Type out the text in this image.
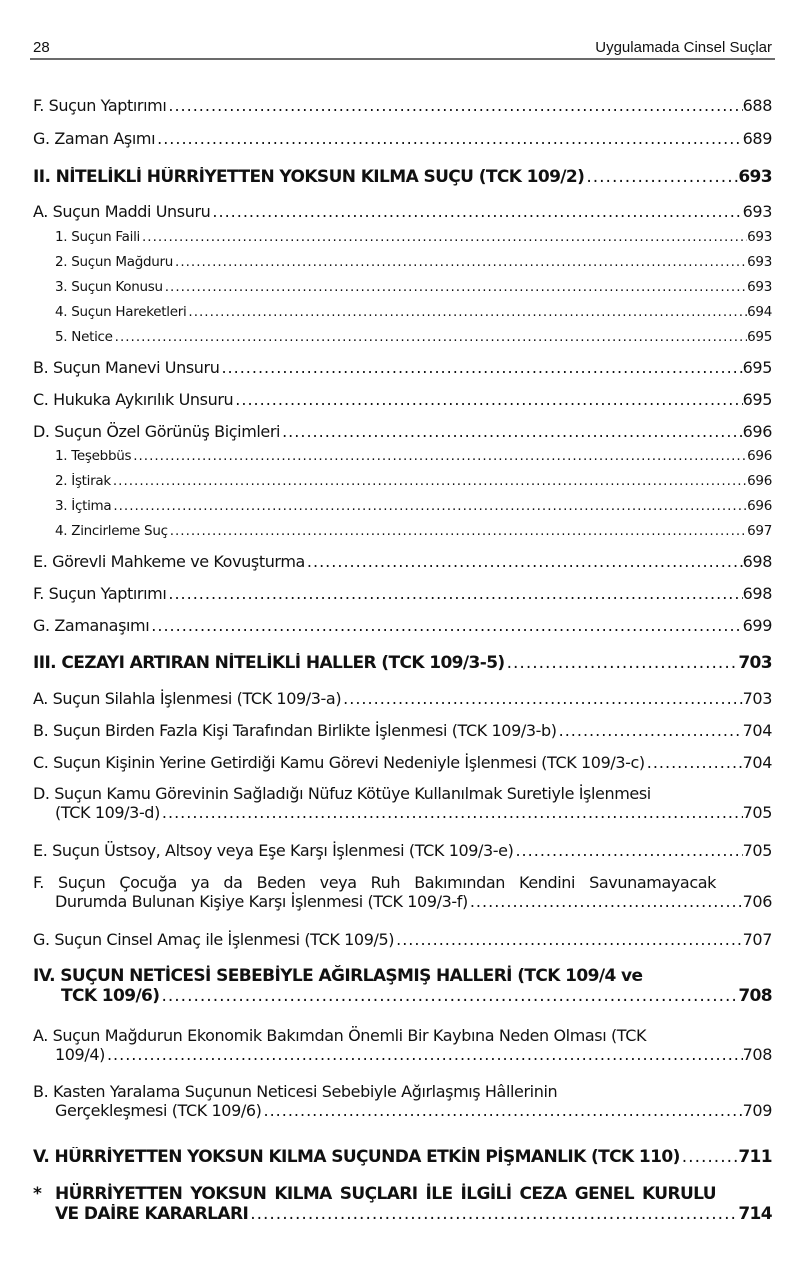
28	Uygulamada Cinsel Suçlar
F. Suçun Yaptırımı .....	688
G. Zaman Aşımı .....	689
II. NİTELİKLİ HÜRRİYETTEN YOKSUN KILMA SUÇU (TCK 109/2) .....	693
A. Suçun Maddi Unsuru .....	693
1. Suçun Faili .....	693
2. Suçun Mağduru .....	693
3. Suçun Konusu .....	693
4. Suçun Hareketleri .....	694
5. Netice .....	695
B. Suçun Manevi Unsuru .....	695
C. Hukuka Aykırılık Unsuru .....	695
D. Suçun Özel Görünüş Biçimleri .....	696
1. Teşebbüs .....	696
2. İştirak .....	696
3. İçtima .....	696
4. Zincirleme Suç .....	697
E. Görevli Mahkeme ve Kovuşturma .....	698
F. Suçun Yaptırımı .....	698
G. Zamanaşımı .....	699
III. CEZAYI ARTIRAN NİTELİKLİ HALLER (TCK 109/3-5) .....	703
A. Suçun Silahla İşlenmesi (TCK 109/3-a) .....	703
B. Suçun Birden Fazla Kişi Tarafından Birlikte İşlenmesi (TCK 109/3-b) .....	704
C. Suçun Kişinin Yerine Getirdiği Kamu Görevi Nedeniyle İşlenmesi (TCK 109/3-c) .....	704
D. Suçun Kamu Görevinin Sağladığı Nüfuz Kötüye Kullanılmak Suretiyle İşlenmesi
(TCK 109/3-d) .....	705
E. Suçun Üstsoy, Altsoy veya Eşe Karşı İşlenmesi (TCK 109/3-e) .....	705
F. Suçun Çocuğa ya da Beden veya Ruh Bakımından Kendini Savunamayacak
Durumda Bulunan Kişiye Karşı İşlenmesi (TCK 109/3-f) .....	706
G. Suçun Cinsel Amaç ile İşlenmesi (TCK 109/5) .....	707
IV. SUÇUN NETİCESİ SEBEBİYLE AĞIRLAŞMIŞ HALLERİ (TCK 109/4 ve
TCK 109/6) .....	708
A. Suçun Mağdurun Ekonomik Bakımdan Önemli Bir Kaybına Neden Olması (TCK
109/4) .....	708
B. Kasten Yaralama Suçunun Neticesi Sebebiyle Ağırlaşmış Hâllerinin
Gerçekleşmesi (TCK 109/6) .....	709
V. HÜRRİYETTEN YOKSUN KILMA SUÇUNDA ETKİN PİŞMANLIK (TCK 110) .....	711
* HÜRRİYETTEN YOKSUN KILMA SUÇLARI İLE İLGİLİ CEZA GENEL KURULU
VE DAİRE KARARLARI .....	714
